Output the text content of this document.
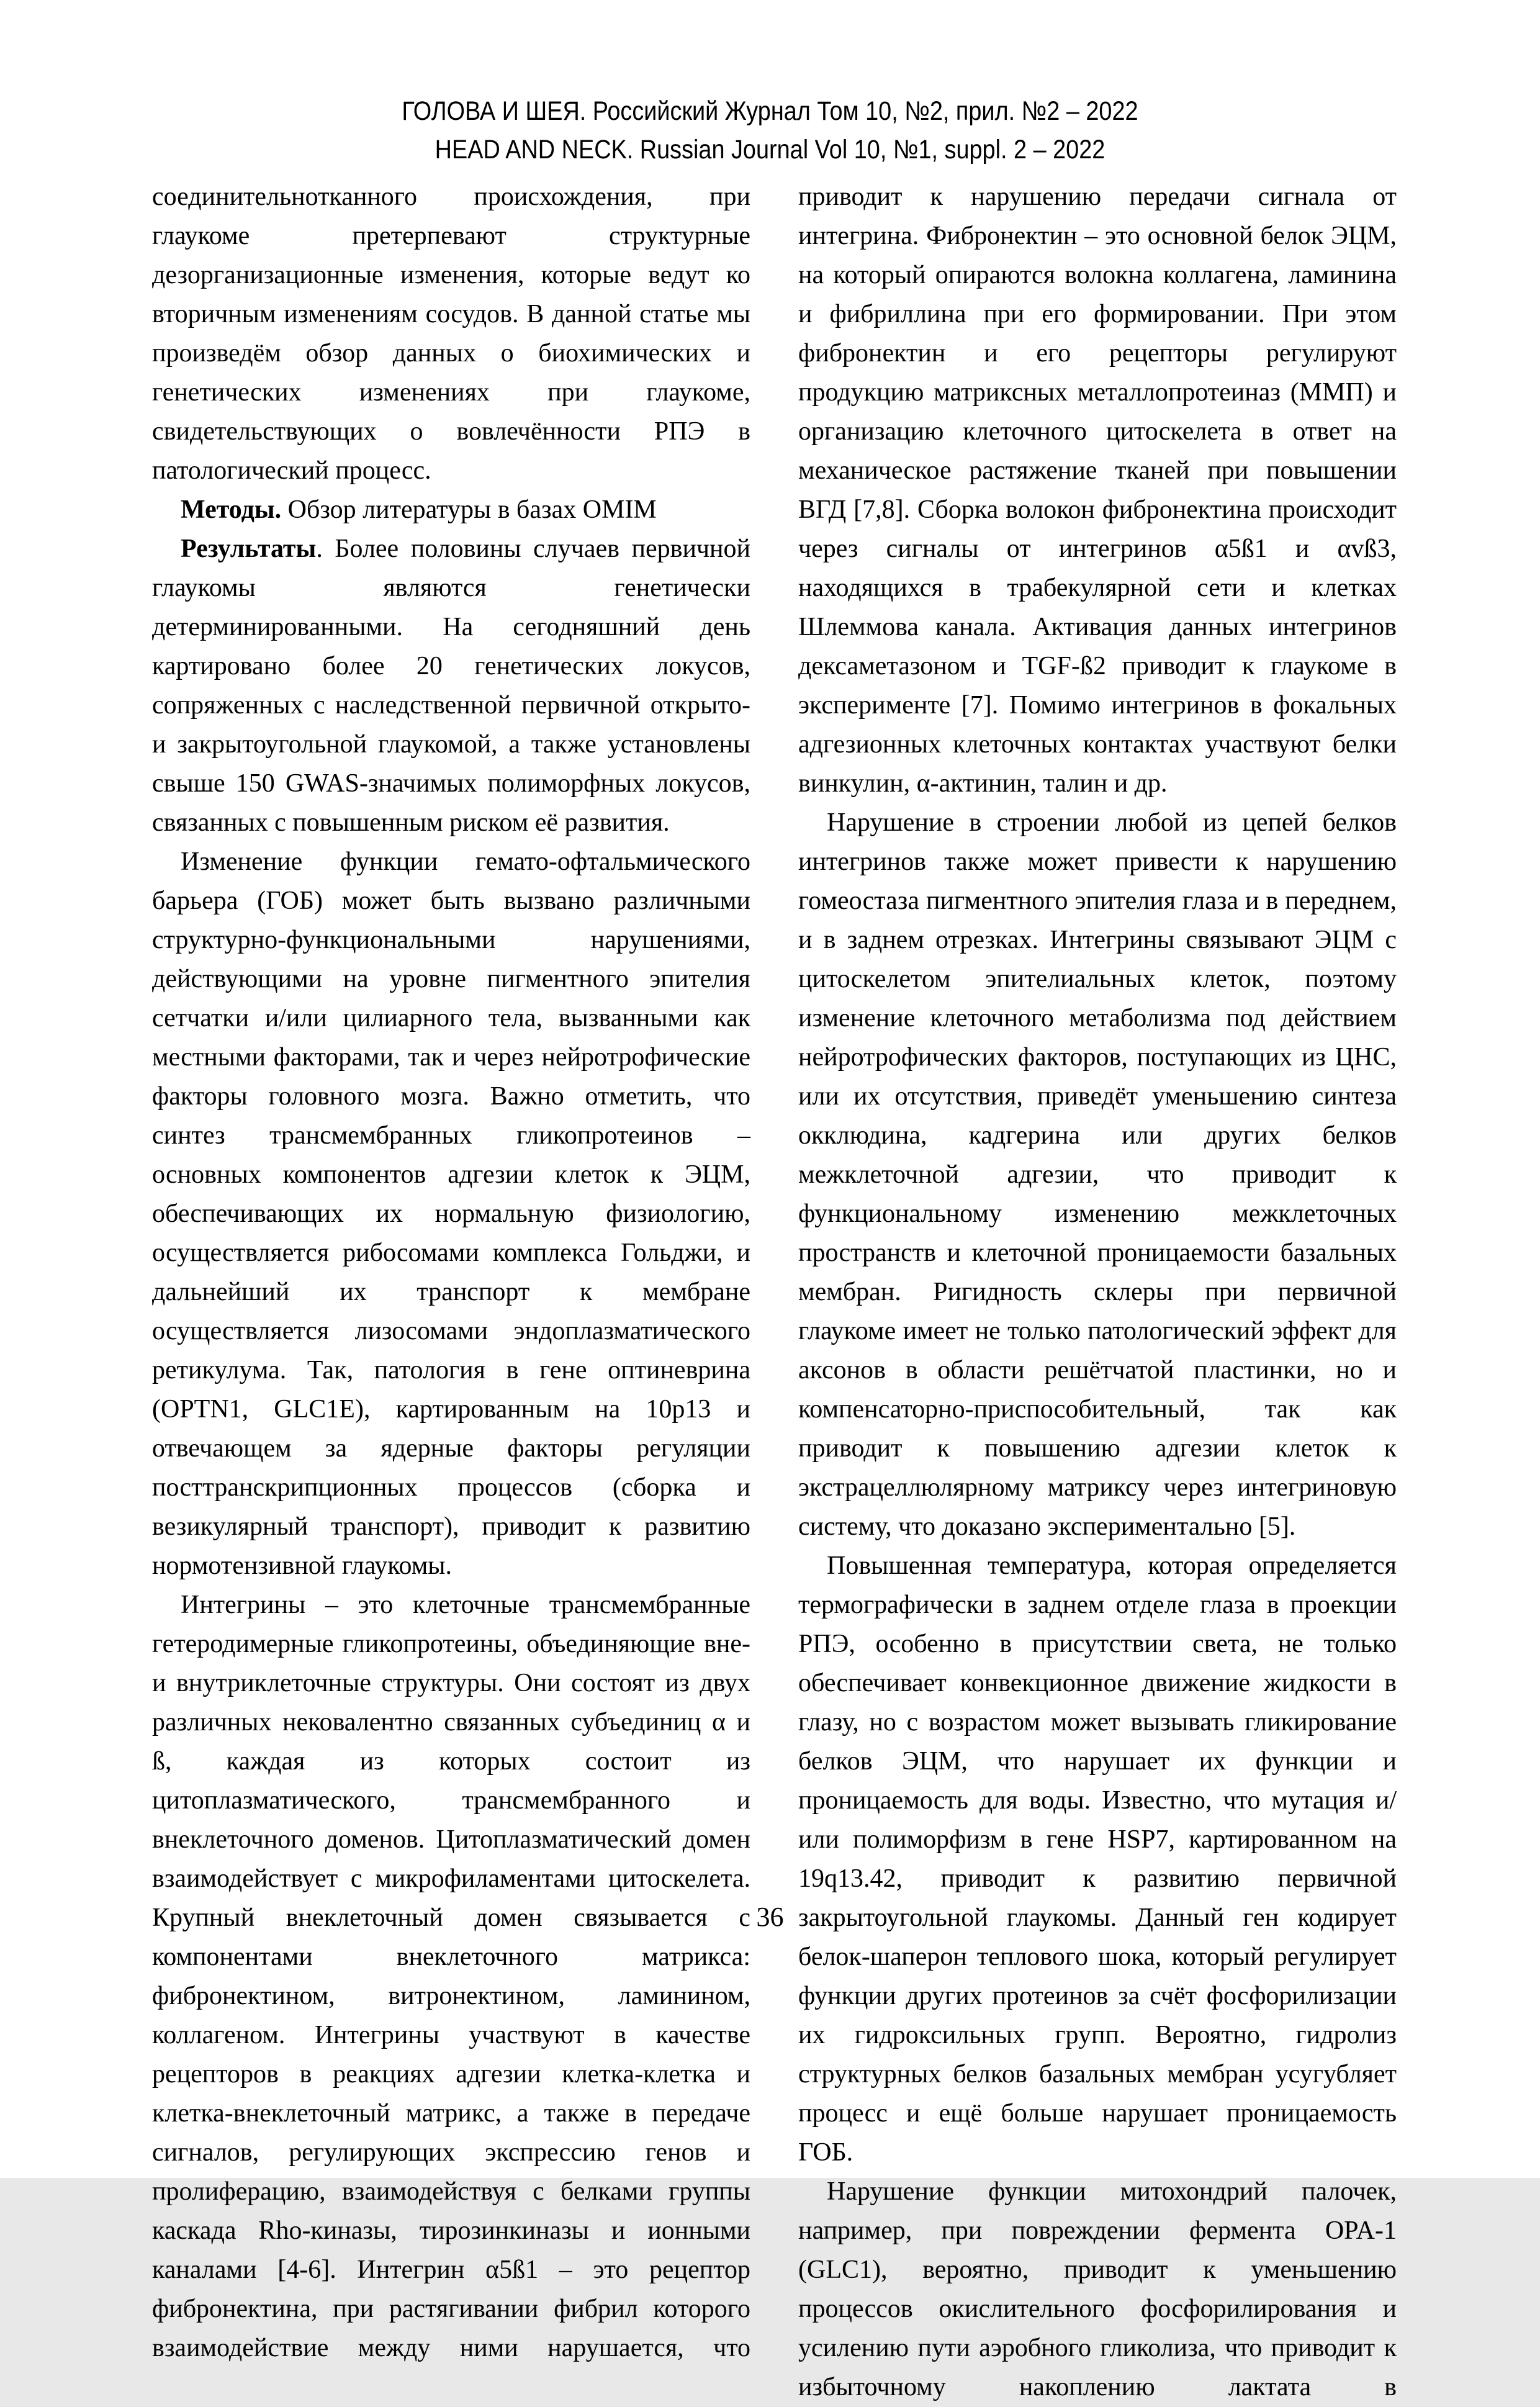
ГОЛОВА И ШЕЯ. Российский Журнал Том 10, №2, прил. №2 – 2022
HEAD AND NECK. Russian Journal Vol 10, №1, suppl. 2 – 2022

соединительнотканного происхождения, при глаукоме претерпевают структурные дезорганизационные изменения, которые ведут ко вторичным изменениям сосудов. В данной статье мы произведём обзор данных о биохимических и генетических изменениях при глаукоме, свидетельствующих о вовлечённости РПЭ в патологический процесс.

Методы. Обзор литературы в базах OMIM

Результаты. Более половины случаев первичной глаукомы являются генетически детерминированными. На сегодняшний день картировано более 20 генетических локусов, сопряженных с наследственной первичной открыто- и закрытоугольной глаукомой, а также установлены свыше 150 GWAS-значимых полиморфных локусов, связанных с повышенным риском её развития.

Изменение функции гемато-офтальмического барьера (ГОБ) может быть вызвано различными структурно-функциональными нарушениями, действующими на уровне пигментного эпителия сетчатки и/или цилиарного тела, вызванными как местными факторами, так и через нейротрофические факторы головного мозга. Важно отметить, что синтез трансмембранных гликопротеинов – основных компонентов адгезии клеток к ЭЦМ, обеспечивающих их нормальную физиологию, осуществляется рибосомами комплекса Гольджи, и дальнейший их транспорт к мембране осуществляется лизосомами эндоплазматического ретикулума. Так, патология в гене оптиневрина (OPTN1, GLC1E), картированным на 10p13 и отвечающем за ядерные факторы регуляции посттранскрипционных процессов (сборка и везикулярный транспорт), приводит к развитию нормотензивной глаукомы.

Интегрины – это клеточные трансмембранные гетеродимерные гликопротеины, объединяющие вне- и внутриклеточные структуры. Они состоят из двух различных нековалентно связанных субъединиц α и ß, каждая из которых состоит из цитоплазматического, трансмембранного и внеклеточного доменов. Цитоплазматический домен взаимодействует с микрофиламентами цитоскелета. Крупный внеклеточный домен связывается с компонентами внеклеточного матрикса: фибронектином, витронектином, ламинином, коллагеном. Интегрины участвуют в качестве рецепторов в реакциях адгезии клетка-клетка и клетка-внеклеточный матрикс, а также в передаче сигналов, регулирующих экспрессию генов и пролиферацию, взаимодействуя с белками группы каскада Rho-киназы, тирозинкиназы и ионными каналами [4-6]. Интегрин α5ß1 – это рецептор фибронектина, при растягивании фибрил которого взаимодействие между ними нарушается, что

приводит к нарушению передачи сигнала от интегрина. Фибронектин – это основной белок ЭЦМ, на который опираются волокна коллагена, ламинина и фибриллина при его формировании. При этом фибронектин и его рецепторы регулируют продукцию матриксных металлопротеиназ (ММП) и организацию клеточного цитоскелета в ответ на механическое растяжение тканей при повышении ВГД [7,8]. Сборка волокон фибронектина происходит через сигналы от интегринов α5ß1 и αvß3, находящихся в трабекулярной сети и клетках Шлеммова канала. Активация данных интегринов дексаметазоном и TGF-ß2 приводит к глаукоме в эксперименте [7]. Помимо интегринов в фокальных адгезионных клеточных контактах участвуют белки винкулин, α-актинин, талин и др.

Нарушение в строении любой из цепей белков интегринов также может привести к нарушению гомеостаза пигментного эпителия глаза и в переднем, и в заднем отрезках. Интегрины связывают ЭЦМ с цитоскелетом эпителиальных клеток, поэтому изменение клеточного метаболизма под действием нейротрофических факторов, поступающих из ЦНС, или их отсутствия, приведёт уменьшению синтеза окклюдина, кадгерина или других белков межклеточной адгезии, что приводит к функциональному изменению межклеточных пространств и клеточной проницаемости базальных мембран. Ригидность склеры при первичной глаукоме имеет не только патологический эффект для аксонов в области решётчатой пластинки, но и компенсаторно-приспособительный, так как приводит к повышению адгезии клеток к экстрацеллюлярному матриксу через интегриновую систему, что доказано экспериментально [5].

Повышенная температура, которая определяется термографически в заднем отделе глаза в проекции РПЭ, особенно в присутствии света, не только обеспечивает конвекционное движение жидкости в глазу, но с возрастом может вызывать гликирование белков ЭЦМ, что нарушает их функции и проницаемость для воды. Известно, что мутация и/или полиморфизм в гене HSP7, картированном на 19q13.42, приводит к развитию первичной закрытоугольной глаукомы. Данный ген кодирует белок-шаперон теплового шока, который регулирует функции других протеинов за счёт фосфорилизации их гидроксильных групп. Вероятно, гидролиз структурных белков базальных мембран усугубляет процесс и ещё больше нарушает проницаемость ГОБ.

Нарушение функции митохондрий палочек, например, при повреждении фермента OPA-1 (GLC1), вероятно, приводит к уменьшению процессов окислительного фосфорилирования и усилению пути аэробного гликолиза, что приводит к избыточному накоплению лактата в

36
